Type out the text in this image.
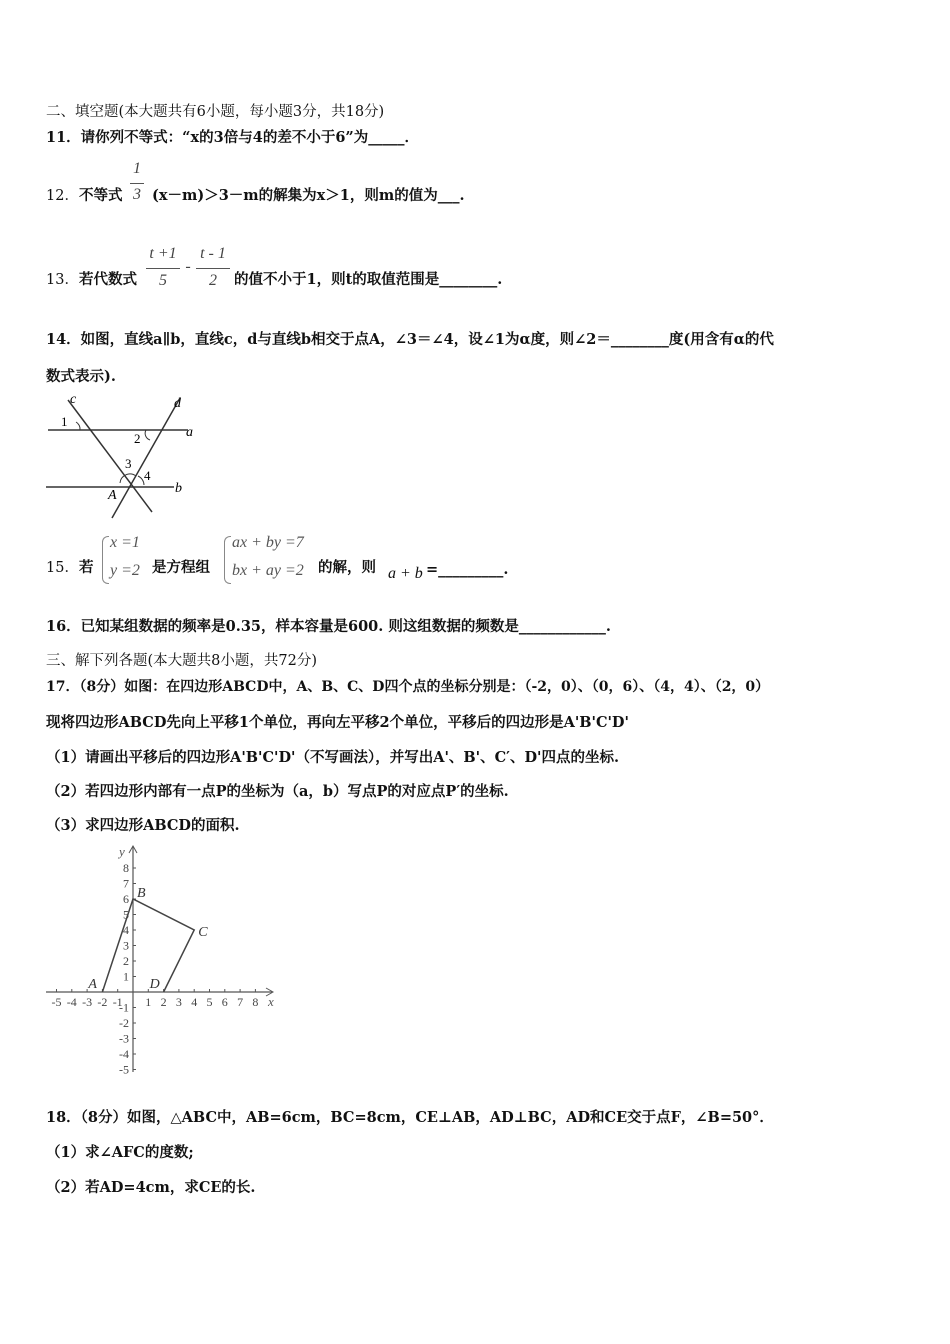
二、填空题(本大题共有6小题，每小题3分，共18分)
11．请你列不等式：“x的3倍与4的差不小于6”为_____．
12．不等式
1
3 (x－m)＞3－m的解集为x＞1，则m的值为___.
13．若代数式
t +1
5
-
t - 1
2	的值不小于1，则t的取值范围是________.
14．如图，直线a∥b，直线c，d与直线b相交于点A，∠3＝∠4，设∠1为α度，则∠2＝________度(用含有α的代
数式表示).
c	d
a
b
1
2
3
4
A
15．若
x =1
y =2 是方程组
ax + by =7
bx + ay =2 的解，则 a + b =_________.
16．已知某组数据的频率是0.35，样本容量是600. 则这组数据的频数是____________.
三、解下列各题(本大题共8小题，共72分)
17．（8分）如图：在四边形ABCD中，A、B、C、D四个点的坐标分别是：（-2，0）、（0，6）、（4，4）、（2，0）
现将四边形ABCD先向上平移1个单位，再向左平移2个单位，平移后的四边形是A'B'C'D'
（1）请画出平移后的四边形A'B'C'D'（不写画法），并写出A'、B'、C′、D'四点的坐标.
（2）若四边形内部有一点P的坐标为（a，b）写点P的对应点P′的坐标.
（3）求四边形ABCD的面积.
x
y
-5 -4 -3 -2 -1 1 2 3 4 5 6 7 8
8
7
6
5
4
3
2
1
-1
-2
-3
-4
-5
A
B
C
D
18．（8分）如图，△ABC中，AB=6cm，BC=8cm，CE⊥AB，AD⊥BC，AD和CE交于点F，∠B=50°．
（1）求∠AFC的度数;
（2）若AD=4cm，求CE的长.
